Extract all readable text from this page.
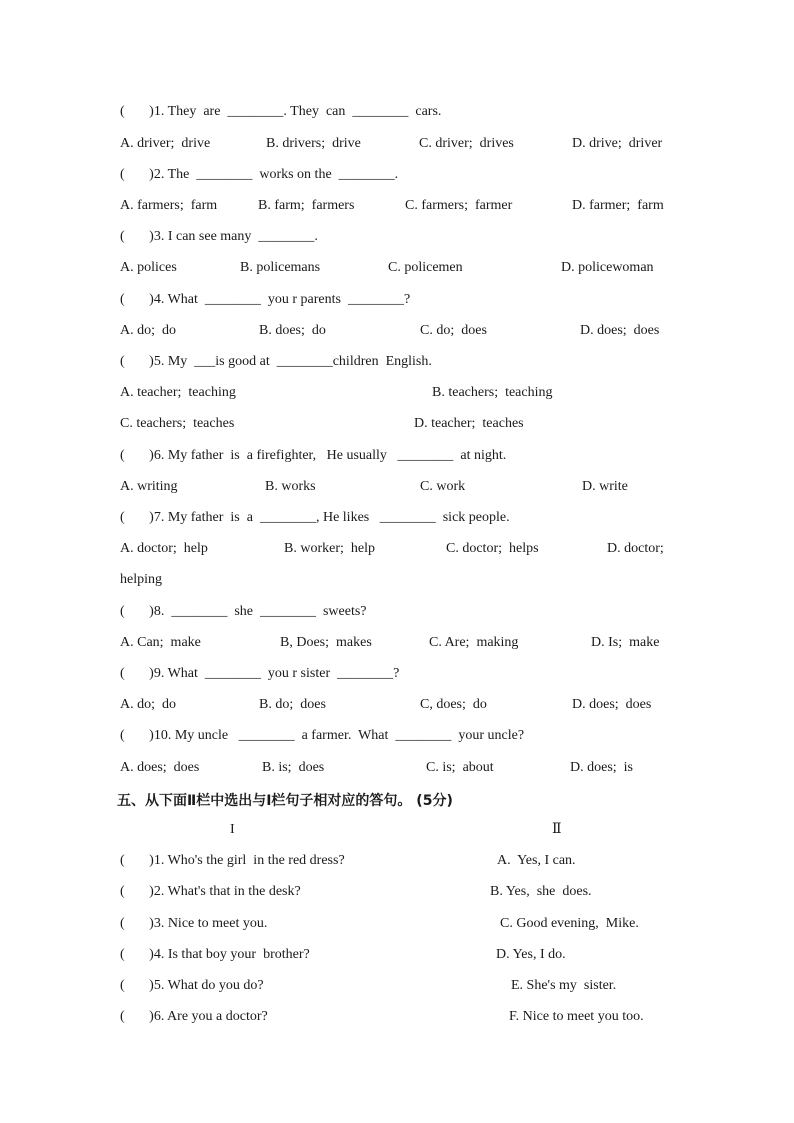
(       )1. They  are  ________. They  can  ________  cars.
A. driver;  drive	B. drivers;  drive	C. driver;  drives	D. drive;  driver
(       )2. The  ________  works on the  ________.
A. farmers;  farm	B. farm;  farmers	C. farmers;  farmer	D. farmer;  farm
(       )3. I can see many  ________.
A. polices	B. policemans	C. policemen	D. policewoman
(       )4. What  ________  you r parents  ________?
A. do;  do	B. does;  do	C. do;  does	D. does;  does
(       )5. My  ___is good at  ________children  English.
A. teacher;  teaching	B. teachers;  teaching
C. teachers;  teaches	D. teacher;  teaches
(       )6. My father  is  a firefighter,   He usually   ________  at night.
A. writing	B. works	C. work	D. write
(       )7. My father  is  a  ________, He likes   ________  sick people.
A. doctor;  help	B. worker;  help	C. doctor;  helps	D. doctor;
helping
(       )8.  ________  she  ________  sweets?
A. Can;  make	B, Does;  makes	C. Are;  making	D. Is;  make
(       )9. What  ________  you r sister  ________?
A. do;  do	B. do;  does	C, does;  do	D. does;  does
(       )10. My uncle   ________  a farmer.  What  ________  your uncle?
A. does;  does	B. is;  does	C. is;  about	D. does;  is
五、从下面Ⅱ栏中选出与Ⅰ栏句子相对应的答句。 (5分)
I	Ⅱ
(       )1. Who's the girl  in the red dress?	A.  Yes, I can.
(       )2. What's that in the desk?	B. Yes,  she  does.
(       )3. Nice to meet you.	C. Good evening,  Mike.
(       )4. Is that boy your  brother?	D. Yes, I do.
(       )5. What do you do?	E. She's my  sister.
(       )6. Are you a doctor?	F. Nice to meet you too.
